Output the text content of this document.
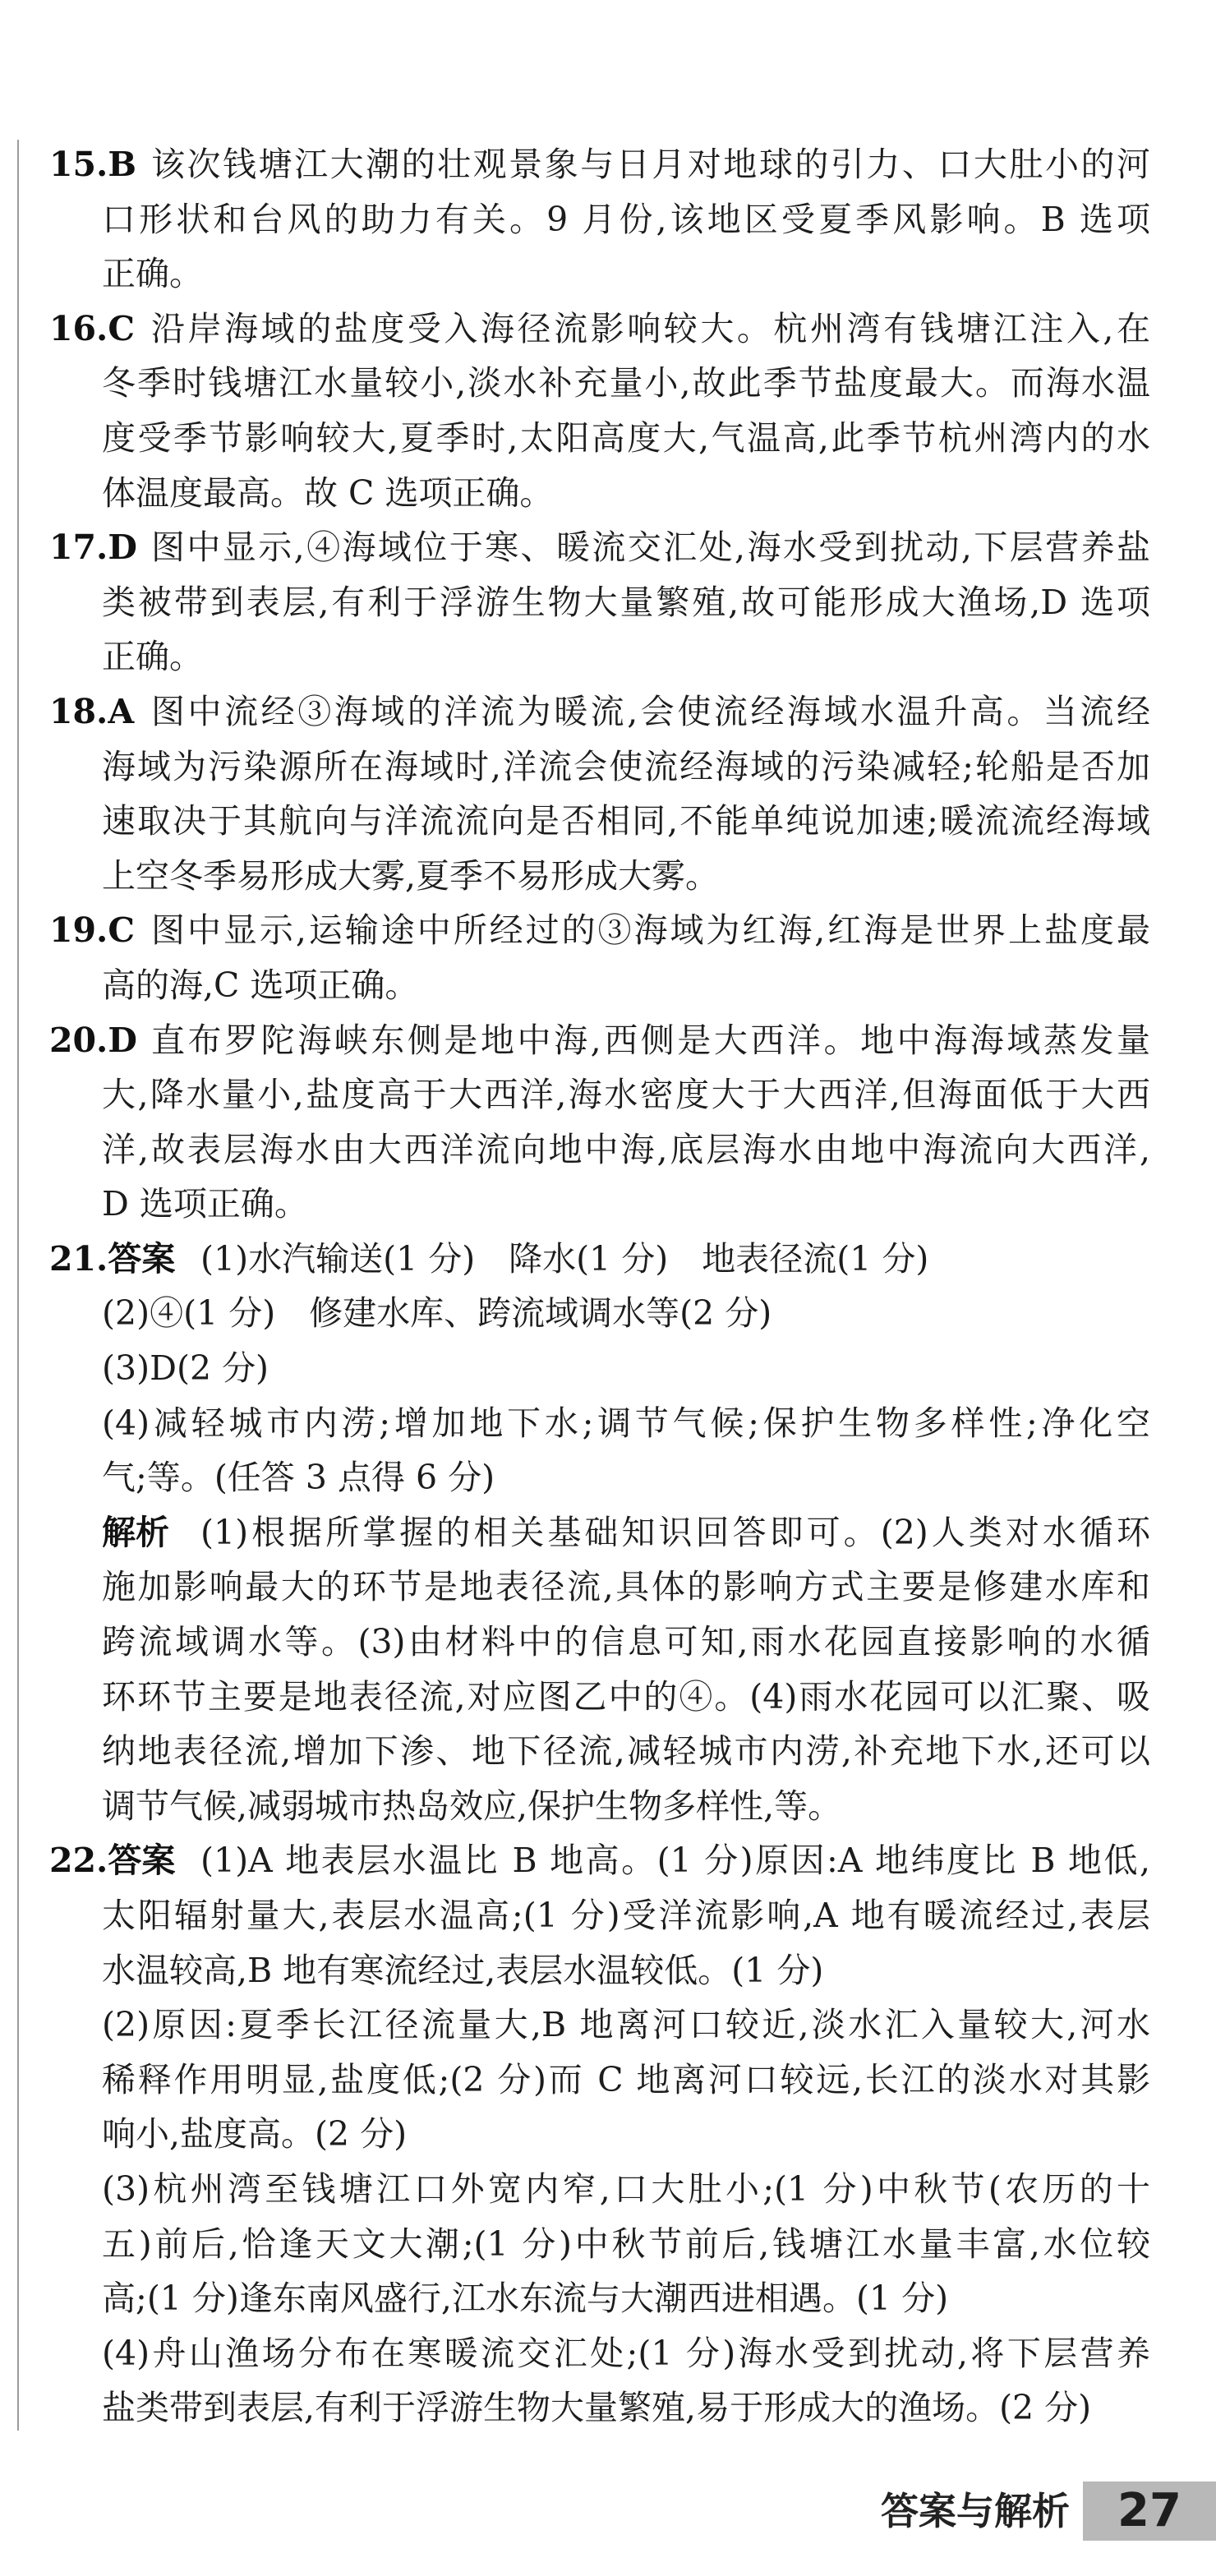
15.B 该次钱塘江大潮的壮观景象与日月对地球的引力、口大肚小的河
口形状和台风的助力有关。9 月份,该地区受夏季风影响。B 选项
正确。
16.C 沿岸海域的盐度受入海径流影响较大。杭州湾有钱塘江注入,在
冬季时钱塘江水量较小,淡水补充量小,故此季节盐度最大。而海水温
度受季节影响较大,夏季时,太阳高度大,气温高,此季节杭州湾内的水
体温度最高。故 C 选项正确。
17.D 图中显示,④海域位于寒、暖流交汇处,海水受到扰动,下层营养盐
类被带到表层,有利于浮游生物大量繁殖,故可能形成大渔场,D 选项
正确。
18.A 图中流经③海域的洋流为暖流,会使流经海域水温升高。当流经
海域为污染源所在海域时,洋流会使流经海域的污染减轻;轮船是否加
速取决于其航向与洋流流向是否相同,不能单纯说加速;暖流流经海域
上空冬季易形成大雾,夏季不易形成大雾。
19.C 图中显示,运输途中所经过的③海域为红海,红海是世界上盐度最
高的海,C 选项正确。
20.D 直布罗陀海峡东侧是地中海,西侧是大西洋。地中海海域蒸发量
大,降水量小,盐度高于大西洋,海水密度大于大西洋,但海面低于大西
洋,故表层海水由大西洋流向地中海,底层海水由地中海流向大西洋,
D 选项正确。
21.答案 (1)水汽输送(1 分)　降水(1 分)　地表径流(1 分)
(2)④(1 分)　修建水库、跨流域调水等(2 分)
(3)D(2 分)
(4)减轻城市内涝;增加地下水;调节气候;保护生物多样性;净化空
气;等。(任答 3 点得 6 分)
解析 (1)根据所掌握的相关基础知识回答即可。(2)人类对水循环
施加影响最大的环节是地表径流,具体的影响方式主要是修建水库和
跨流域调水等。(3)由材料中的信息可知,雨水花园直接影响的水循
环环节主要是地表径流,对应图乙中的④。(4)雨水花园可以汇聚、吸
纳地表径流,增加下渗、地下径流,减轻城市内涝,补充地下水,还可以
调节气候,减弱城市热岛效应,保护生物多样性,等。
22.答案 (1)A 地表层水温比 B 地高。(1 分)原因:A 地纬度比 B 地低,
太阳辐射量大,表层水温高;(1 分)受洋流影响,A 地有暖流经过,表层
水温较高,B 地有寒流经过,表层水温较低。(1 分)
(2)原因:夏季长江径流量大,B 地离河口较近,淡水汇入量较大,河水
稀释作用明显,盐度低;(2 分)而 C 地离河口较远,长江的淡水对其影
响小,盐度高。(2 分)
(3)杭州湾至钱塘江口外宽内窄,口大肚小;(1 分)中秋节(农历的十
五)前后,恰逢天文大潮;(1 分)中秋节前后,钱塘江水量丰富,水位较
高;(1 分)逢东南风盛行,江水东流与大潮西进相遇。(1 分)
(4)舟山渔场分布在寒暖流交汇处;(1 分)海水受到扰动,将下层营养
盐类带到表层,有利于浮游生物大量繁殖,易于形成大的渔场。(2 分)
答案与解析	27
